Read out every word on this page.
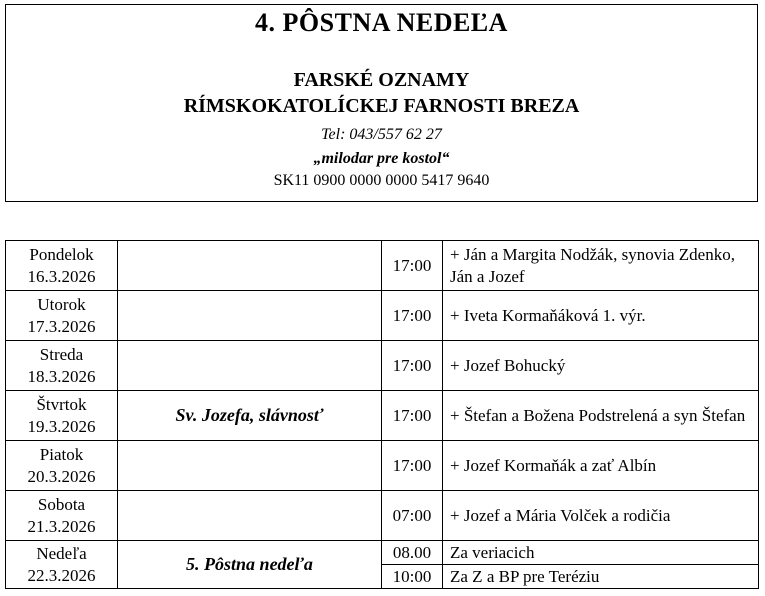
4. PÔSTNA NEDEĽA
FARSKÉ OZNAMY
RÍMSKOKATOLÍCKEJ FARNOSTI BREZA
Tel: 043/557 62 27
„milodar pre kostol“
SK11 0900 0000 0000 5417 9640
Pondelok
16.3.2026		17:00	+ Ján a Margita Nodžák, synovia Zdenko, Ján a Jozef

Utorok
17.3.2026		17:00	+ Iveta Kormaňáková 1. výr.

Streda
18.3.2026		17:00	+ Jozef Bohucký

Štvrtok
19.3.2026	Sv. Jozefa, slávnosť	17:00	+ Štefan a Božena Podstrelená a syn Štefan

Piatok
20.3.2026		17:00	+ Jozef Kormaňák a zať Albín

Sobota
21.3.2026		07:00	+ Jozef a Mária Volček a rodičia

Nedeľa
22.3.2026	5. Pôstna nedeľa	08.00	Za veriacich
		10:00	Za Z a BP pre Teréziu
